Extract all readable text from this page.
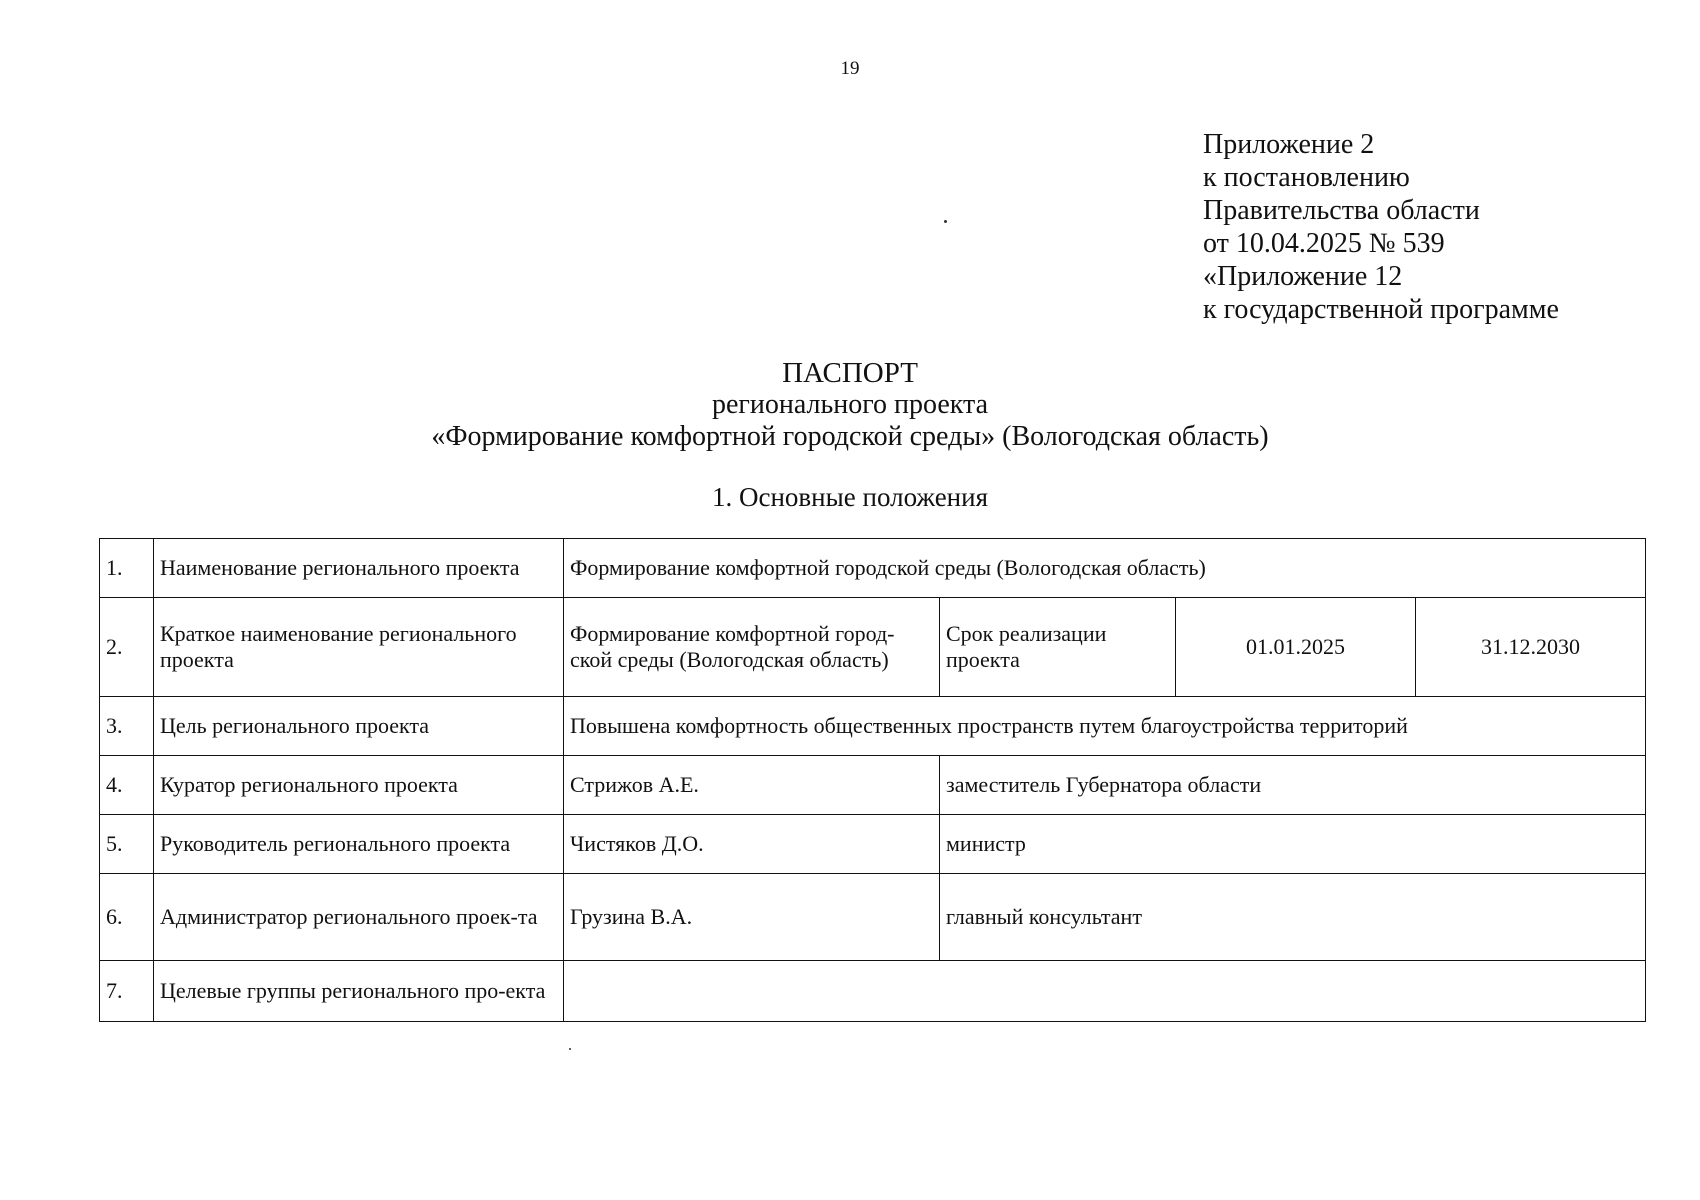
19
Приложение 2
к постановлению
Правительства области
от 10.04.2025 № 539
«Приложение 12
к государственной программе
ПАСПОРТ
регионального проекта
«Формирование комфортной городской среды» (Вологодская область)
1. Основные положения
1.	Наименование регионального проекта	Формирование комфортной городской среды (Вологодская область)			
2.	Краткое наименование регионального проекта	Формирование комфортной город-ской среды (Вологодская область)	Срок реализации проекта	01.01.2025	31.12.2030
3.	Цель регионального проекта	Повышена комфортность общественных пространств путем благоустройства территорий			
4.	Куратор регионального проекта	Стрижов А.Е.	заместитель Губернатора области		
5.	Руководитель регионального проекта	Чистяков Д.О.	министр		
6.	Администратор регионального проек-та	Грузина В.А.	главный консультант		
7.	Целевые группы регионального про-екта				
